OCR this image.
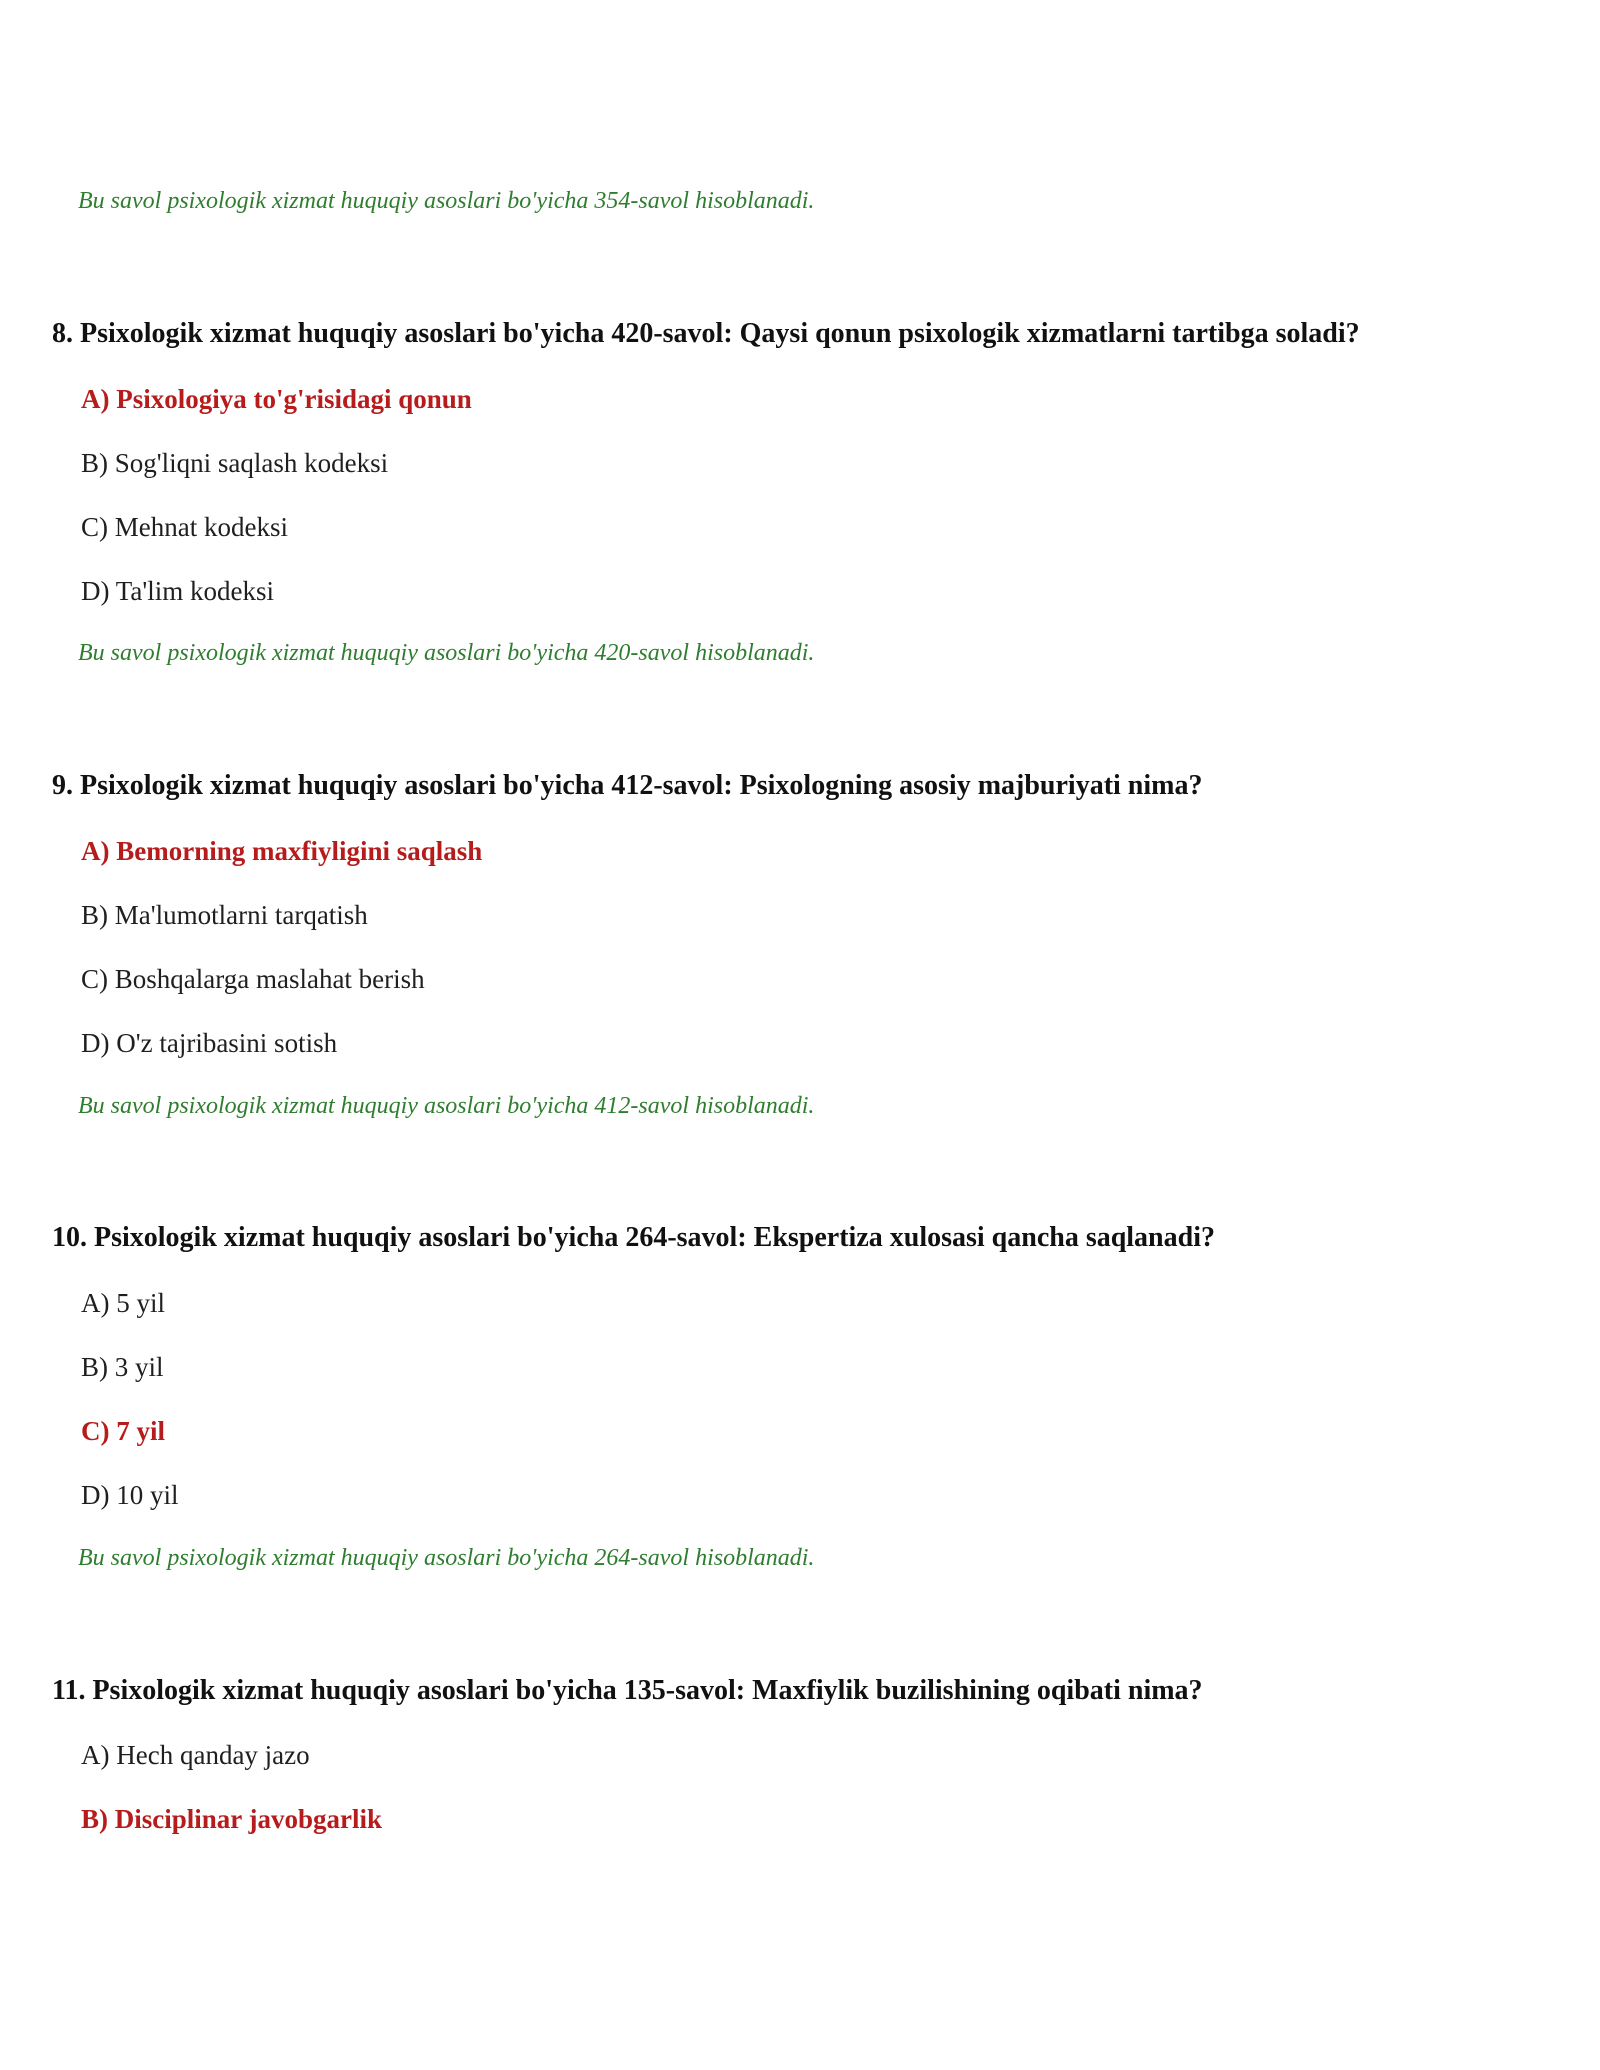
Bu savol psixologik xizmat huquqiy asoslari bo'yicha 354-savol hisoblanadi.
8. Psixologik xizmat huquqiy asoslari bo'yicha 420-savol: Qaysi qonun psixologik xizmatlarni tartibga soladi?
A) Psixologiya to'g'risidagi qonun
B) Sog'liqni saqlash kodeksi
C) Mehnat kodeksi
D) Ta'lim kodeksi
Bu savol psixologik xizmat huquqiy asoslari bo'yicha 420-savol hisoblanadi.
9. Psixologik xizmat huquqiy asoslari bo'yicha 412-savol: Psixologning asosiy majburiyati nima?
A) Bemorning maxfiyligini saqlash
B) Ma'lumotlarni tarqatish
C) Boshqalarga maslahat berish
D) O'z tajribasini sotish
Bu savol psixologik xizmat huquqiy asoslari bo'yicha 412-savol hisoblanadi.
10. Psixologik xizmat huquqiy asoslari bo'yicha 264-savol: Ekspertiza xulosasi qancha saqlanadi?
A) 5 yil
B) 3 yil
C) 7 yil
D) 10 yil
Bu savol psixologik xizmat huquqiy asoslari bo'yicha 264-savol hisoblanadi.
11. Psixologik xizmat huquqiy asoslari bo'yicha 135-savol: Maxfiylik buzilishining oqibati nima?
A) Hech qanday jazo
B) Disciplinar javobgarlik
